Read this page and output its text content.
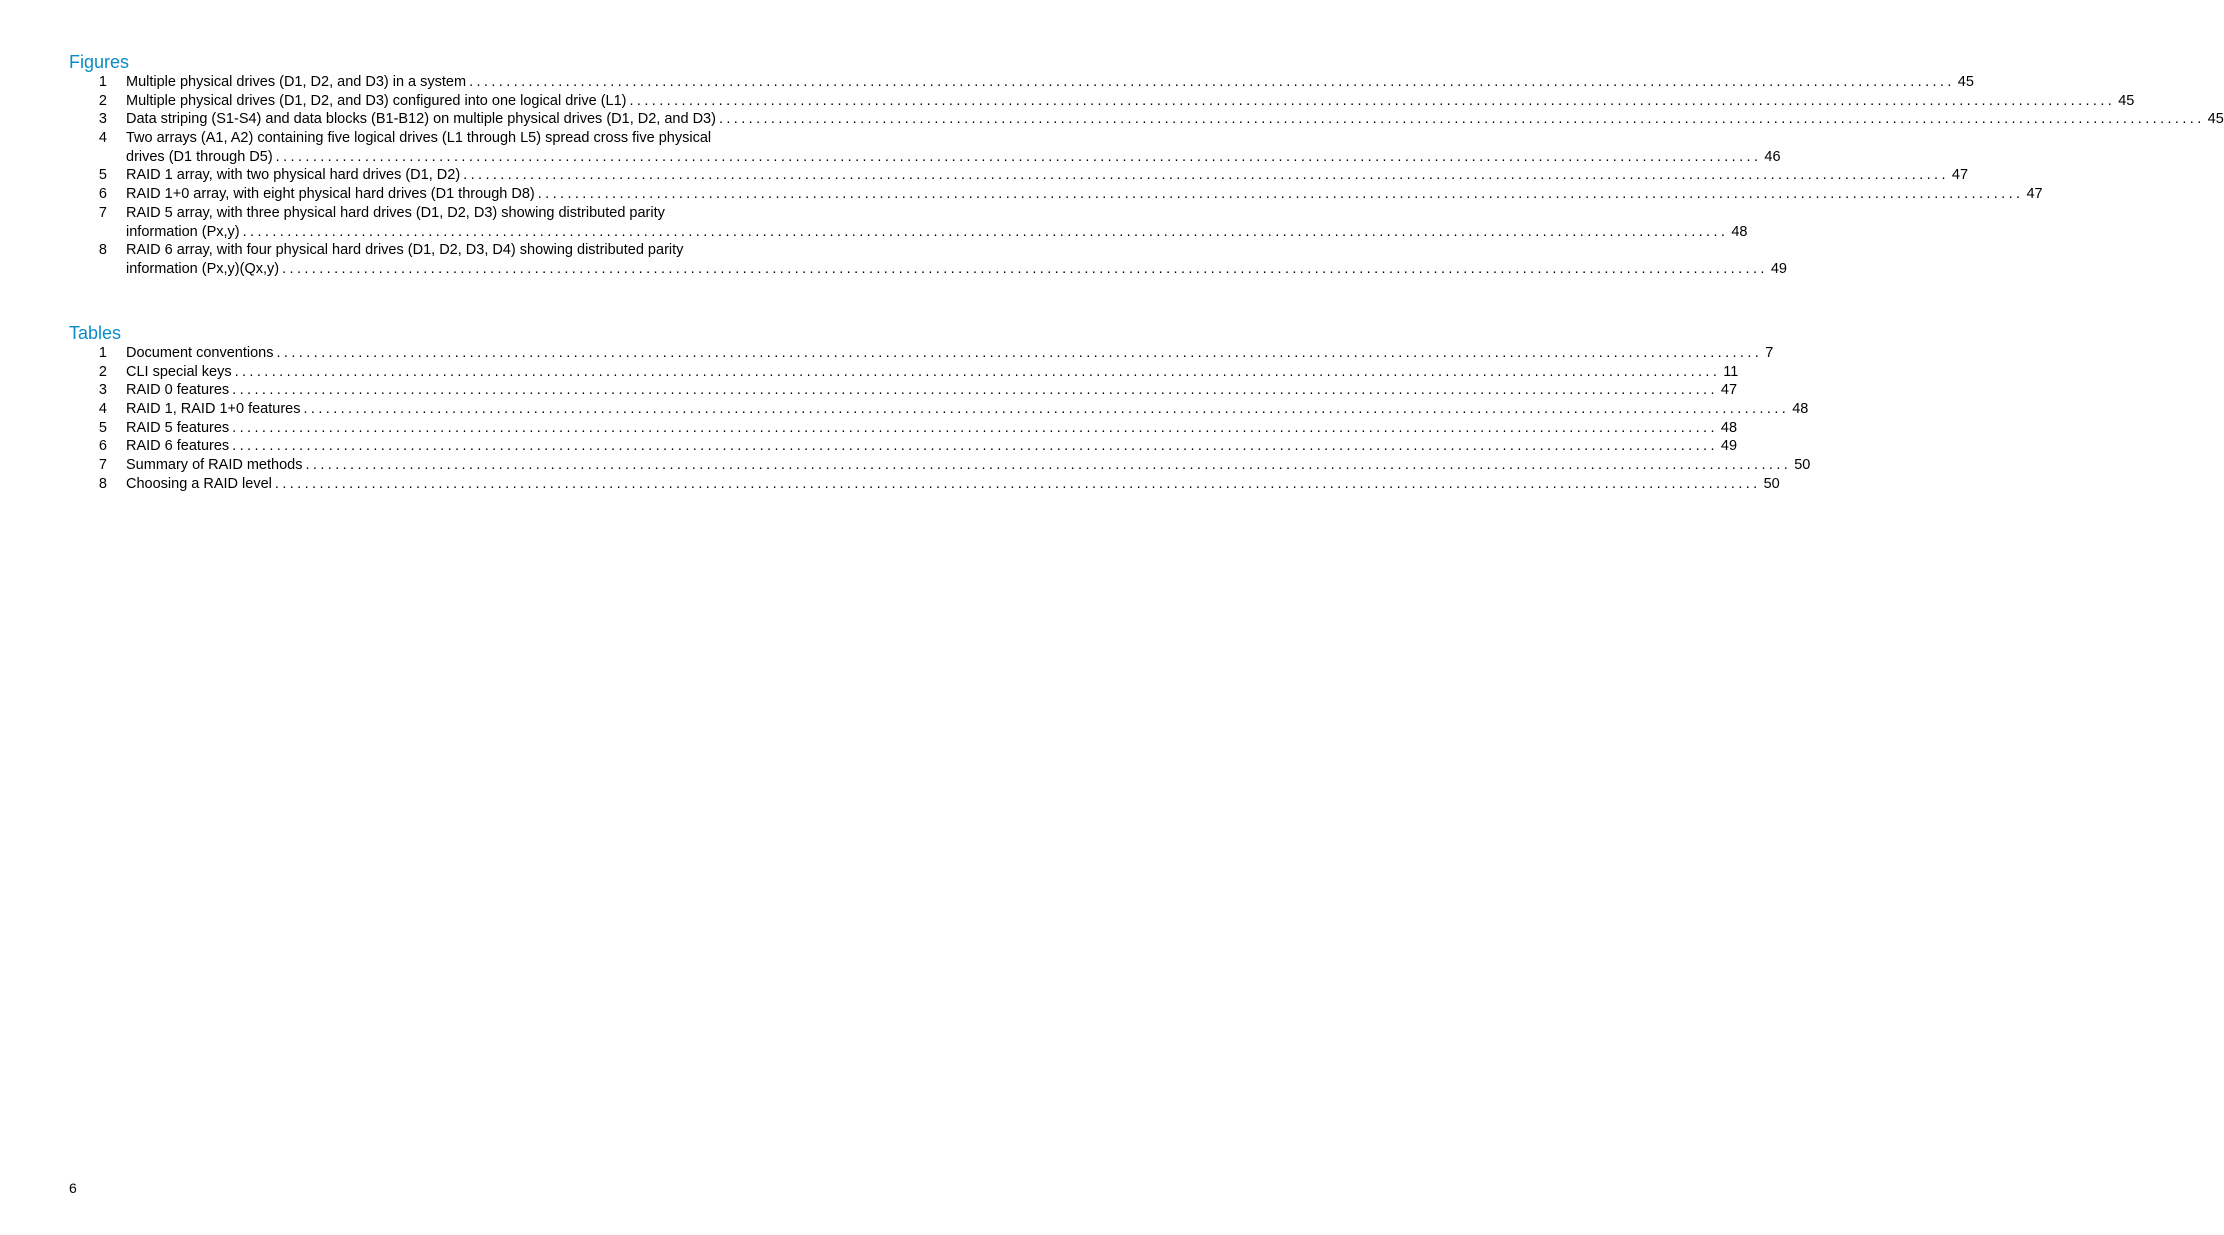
Figures
1 Multiple physical drives (D1, D2, and D3) in a system ........................................................................................................................................................................................................ 45
2 Multiple physical drives (D1, D2, and D3) configured into one logical drive (L1) ........................................................................................................................................................................................................ 45
3 Data striping (S1-S4) and data blocks (B1-B12) on multiple physical drives (D1, D2, and D3) ........................................................................................................................................................................................................ 45
4 Two arrays (A1, A2) containing five logical drives (L1 through L5) spread cross five physical
drives (D1 through D5) ........................................................................................................................................................................................................ 46
5 RAID 1 array, with two physical hard drives (D1, D2) ........................................................................................................................................................................................................ 47
6 RAID 1+0 array, with eight physical hard drives (D1 through D8) ........................................................................................................................................................................................................ 47
7 RAID 5 array, with three physical hard drives (D1, D2, D3) showing distributed parity
information (Px,y) ........................................................................................................................................................................................................ 48
8 RAID 6 array, with four physical hard drives (D1, D2, D3, D4) showing distributed parity
information (Px,y)(Qx,y) ........................................................................................................................................................................................................ 49
Tables
1 Document conventions ........................................................................................................................................................................................................ 7
2 CLI special keys ........................................................................................................................................................................................................ 11
3 RAID 0 features ........................................................................................................................................................................................................ 47
4 RAID 1, RAID 1+0 features ........................................................................................................................................................................................................ 48
5 RAID 5 features ........................................................................................................................................................................................................ 48
6 RAID 6 features ........................................................................................................................................................................................................ 49
7 Summary of RAID methods ........................................................................................................................................................................................................ 50
8 Choosing a RAID level ........................................................................................................................................................................................................ 50
6
